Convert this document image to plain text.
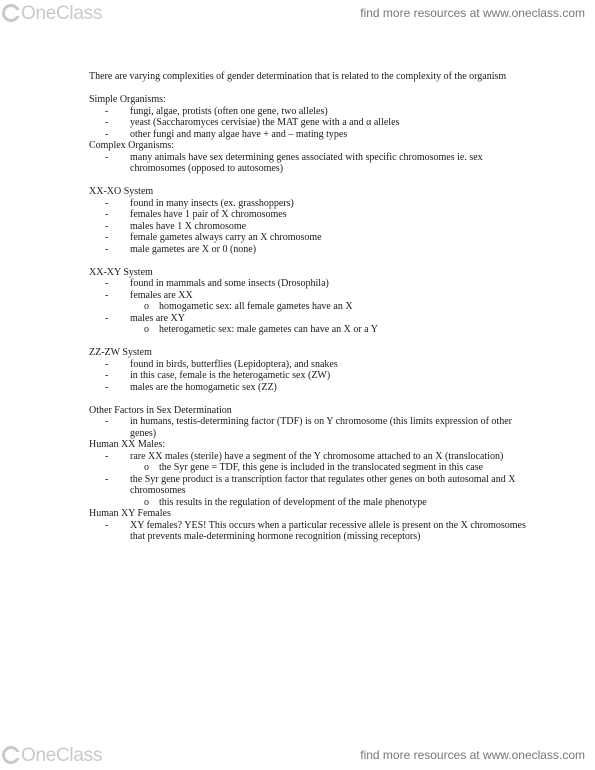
OneClass	find more resources at www.oneclass.com

There are varying complexities of gender determination that is related to the complexity of the organism

Simple Organisms:

- fungi, algae, protists (often one gene, two alleles)

- yeast (Saccharomyces cervisiae) the MAT gene with a and α alleles

- other fungi and many algae have + and – mating types

Complex Organisms:

- many animals have sex determining genes associated with specific chromosomes ie. sex chromosomes (opposed to autosomes)

XX-XO System

- found in many insects (ex. grasshoppers)

- females have 1 pair of X chromosomes

- males have 1 X chromosome

- female gametes always carry an X chromosome

- male gametes are X or 0 (none)

XX-XY System

- found in mammals and some insects (Drosophila)

- females are XX

o homogametic sex: all female gametes have an X

- males are XY

o heterogametic sex: male gametes can have an X or a Y

ZZ-ZW System

- found in birds, butterflies (Lepidoptera), and snakes

- in this case, female is the heterogametic sex (ZW)

- males are the homogametic sex (ZZ)

Other Factors in Sex Determination

- in humans, testis-determining factor (TDF) is on Y chromosome (this limits expression of other genes)

Human XX Males:

- rare XX males (sterile) have a segment of the Y chromosome attached to an X (translocation)

o the Syr gene = TDF, this gene is included in the translocated segment in this case

- the Syr gene product is a transcription factor that regulates other genes on both autosomal and X chromosomes

o this results in the regulation of development of the male phenotype

Human XY Females

- XY females? YES! This occurs when a particular recessive allele is present on the X chromosomes that prevents male-determining hormone recognition (missing receptors)

OneClass	find more resources at www.oneclass.com
